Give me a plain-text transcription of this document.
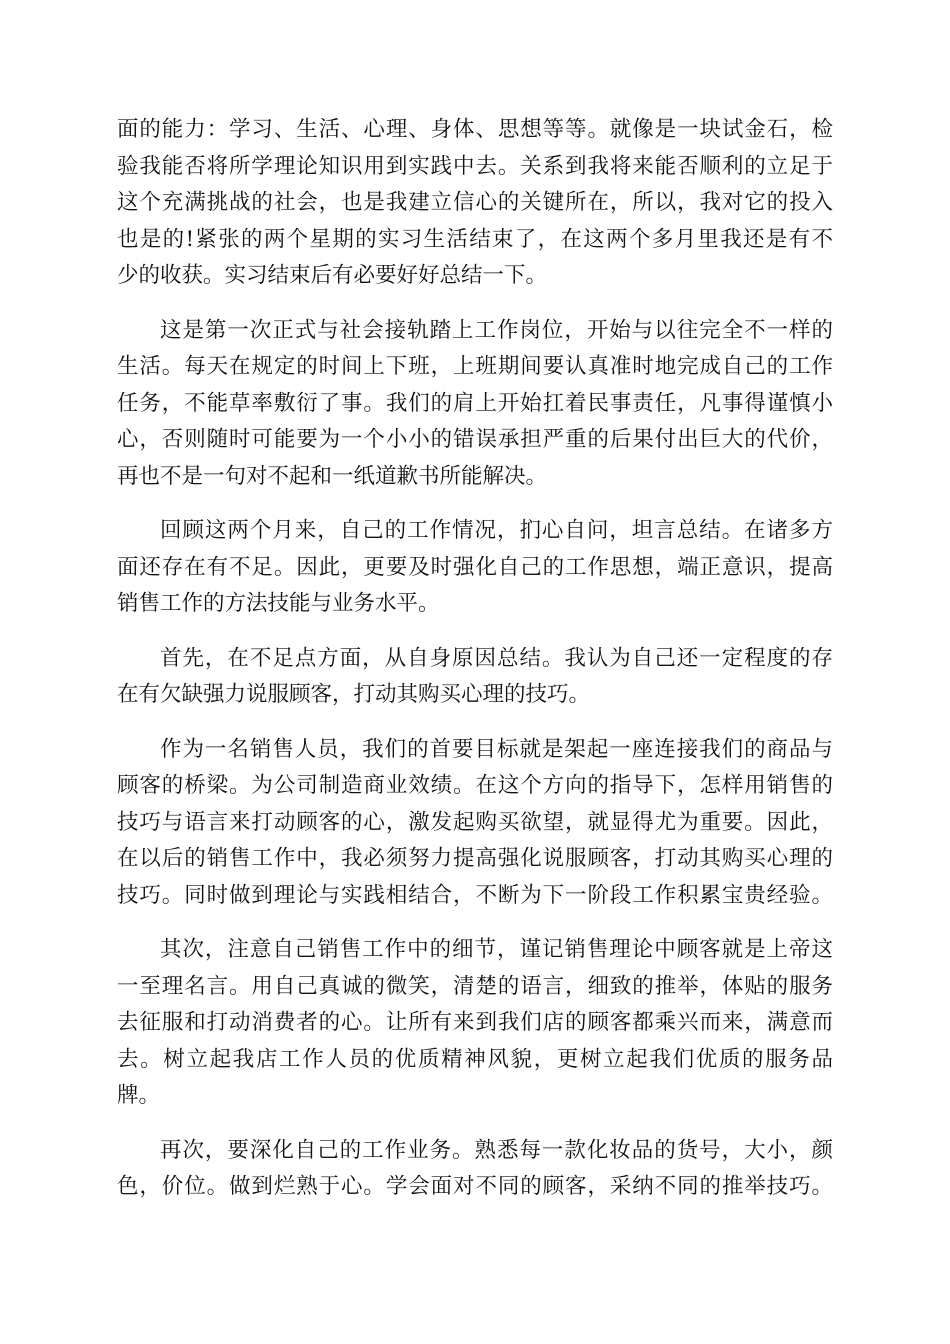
面的能力：学习、生活、心理、身体、思想等等。就像是一块试金石，检
验我能否将所学理论知识用到实践中去。关系到我将来能否顺利的立足于
这个充满挑战的社会，也是我建立信心的关键所在，所以，我对它的投入
也是的!紧张的两个星期的实习生活结束了，在这两个多月里我还是有不
少的收获。实习结束后有必要好好总结一下。

这是第一次正式与社会接轨踏上工作岗位，开始与以往完全不一样的
生活。每天在规定的时间上下班，上班期间要认真准时地完成自己的工作
任务，不能草率敷衍了事。我们的肩上开始扛着民事责任，凡事得谨慎小
心，否则随时可能要为一个小小的错误承担严重的后果付出巨大的代价，
再也不是一句对不起和一纸道歉书所能解决。

回顾这两个月来，自己的工作情况，扪心自问，坦言总结。在诸多方
面还存在有不足。因此，更要及时强化自己的工作思想，端正意识，提高
销售工作的方法技能与业务水平。

首先，在不足点方面，从自身原因总结。我认为自己还一定程度的存
在有欠缺强力说服顾客，打动其购买心理的技巧。

作为一名销售人员，我们的首要目标就是架起一座连接我们的商品与
顾客的桥梁。为公司制造商业效绩。在这个方向的指导下，怎样用销售的
技巧与语言来打动顾客的心，激发起购买欲望，就显得尤为重要。因此，
在以后的销售工作中，我必须努力提高强化说服顾客，打动其购买心理的
技巧。同时做到理论与实践相结合，不断为下一阶段工作积累宝贵经验。

其次，注意自己销售工作中的细节，谨记销售理论中顾客就是上帝这
一至理名言。用自己真诚的微笑，清楚的语言，细致的推举，体贴的服务
去征服和打动消费者的心。让所有来到我们店的顾客都乘兴而来，满意而
去。树立起我店工作人员的优质精神风貌，更树立起我们优质的服务品
牌。

再次，要深化自己的工作业务。熟悉每一款化妆品的货号，大小，颜
色，价位。做到烂熟于心。学会面对不同的顾客，采纳不同的推举技巧。
